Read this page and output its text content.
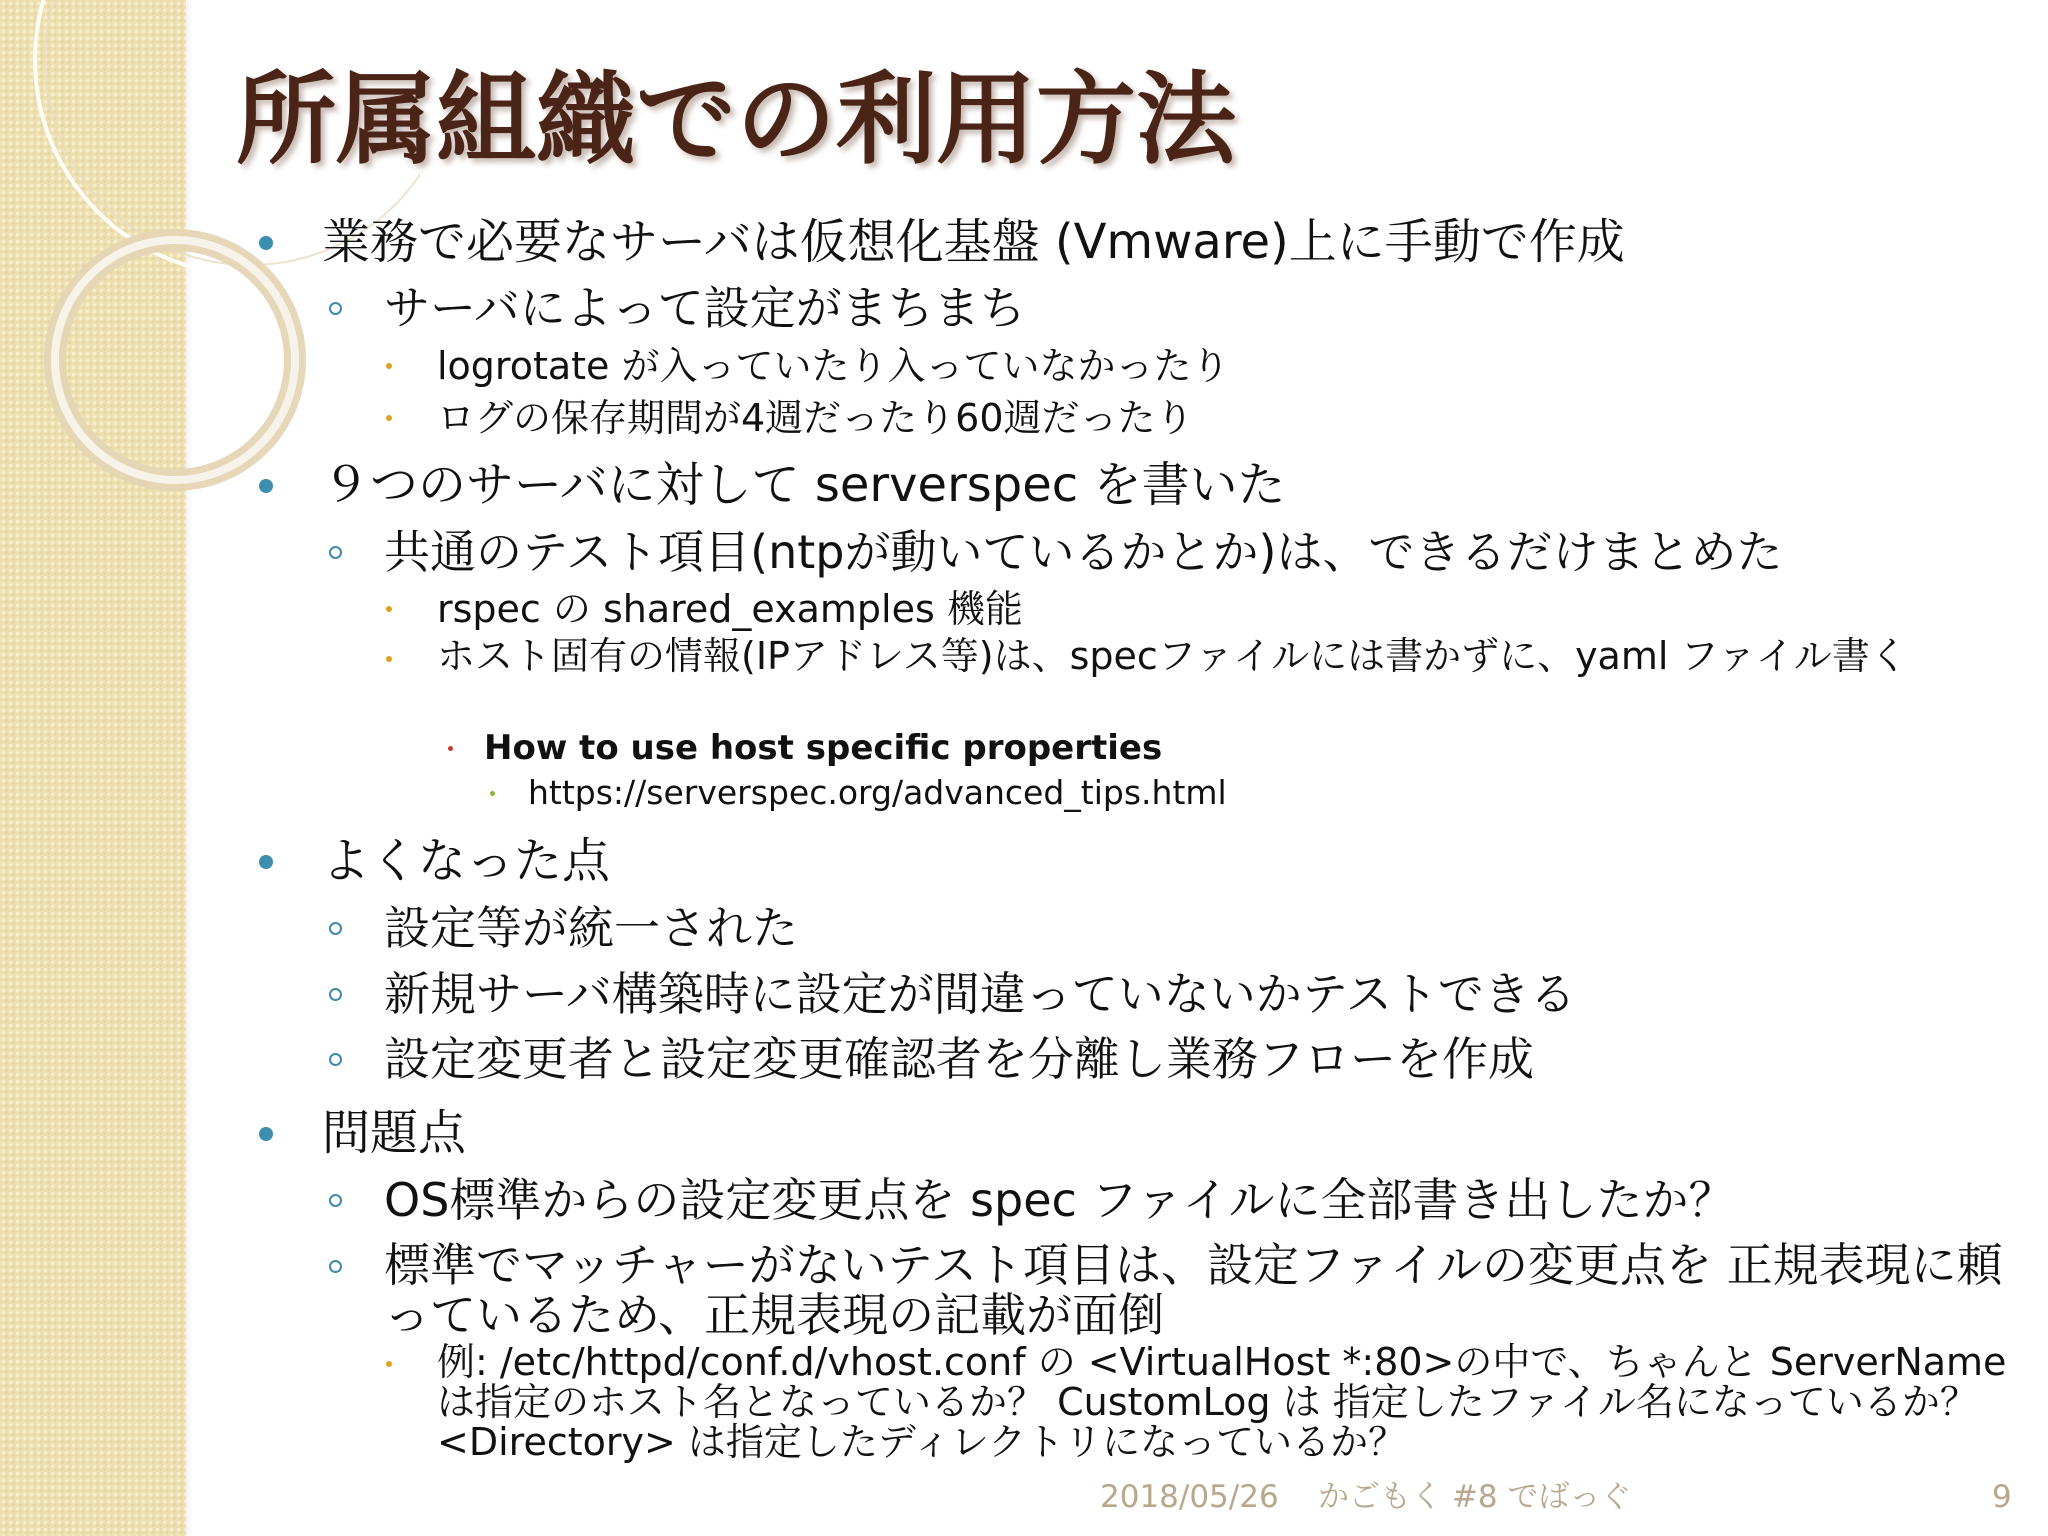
所属組織での利用方法
業務で必要なサーバは仮想化基盤 (Vmware)上に手動で作成
サーバによって設定がまちまち
logrotate が入っていたり入っていなかったり
ログの保存期間が4週だったり60週だったり
９つのサーバに対して serverspec を書いた
共通のテスト項目(ntpが動いているかとか)は、できるだけまとめた
rspec の shared_examples 機能
ホスト固有の情報(IPアドレス等)は、specファイルには書かずに、yaml ファイル書く
How to use host specific properties
https://serverspec.org/advanced_tips.html
よくなった点
設定等が統一された
新規サーバ構築時に設定が間違っていないかテストできる
設定変更者と設定変更確認者を分離し業務フローを作成
問題点
OS標準からの設定変更点を spec ファイルに全部書き出したか？
標準でマッチャーがないテスト項目は、設定ファイルの変更点を 正規表現に頼っているため、正規表現の記載が面倒
例: /etc/httpd/conf.d/vhost.conf の <VirtualHost *:80>の中で、ちゃんと ServerName は指定のホスト名となっているか？ CustomLog は 指定したファイル名になっているか？ <Directory> は指定したディレクトリになっているか？
2018/05/26 かごもく #8 でばっぐ	9
